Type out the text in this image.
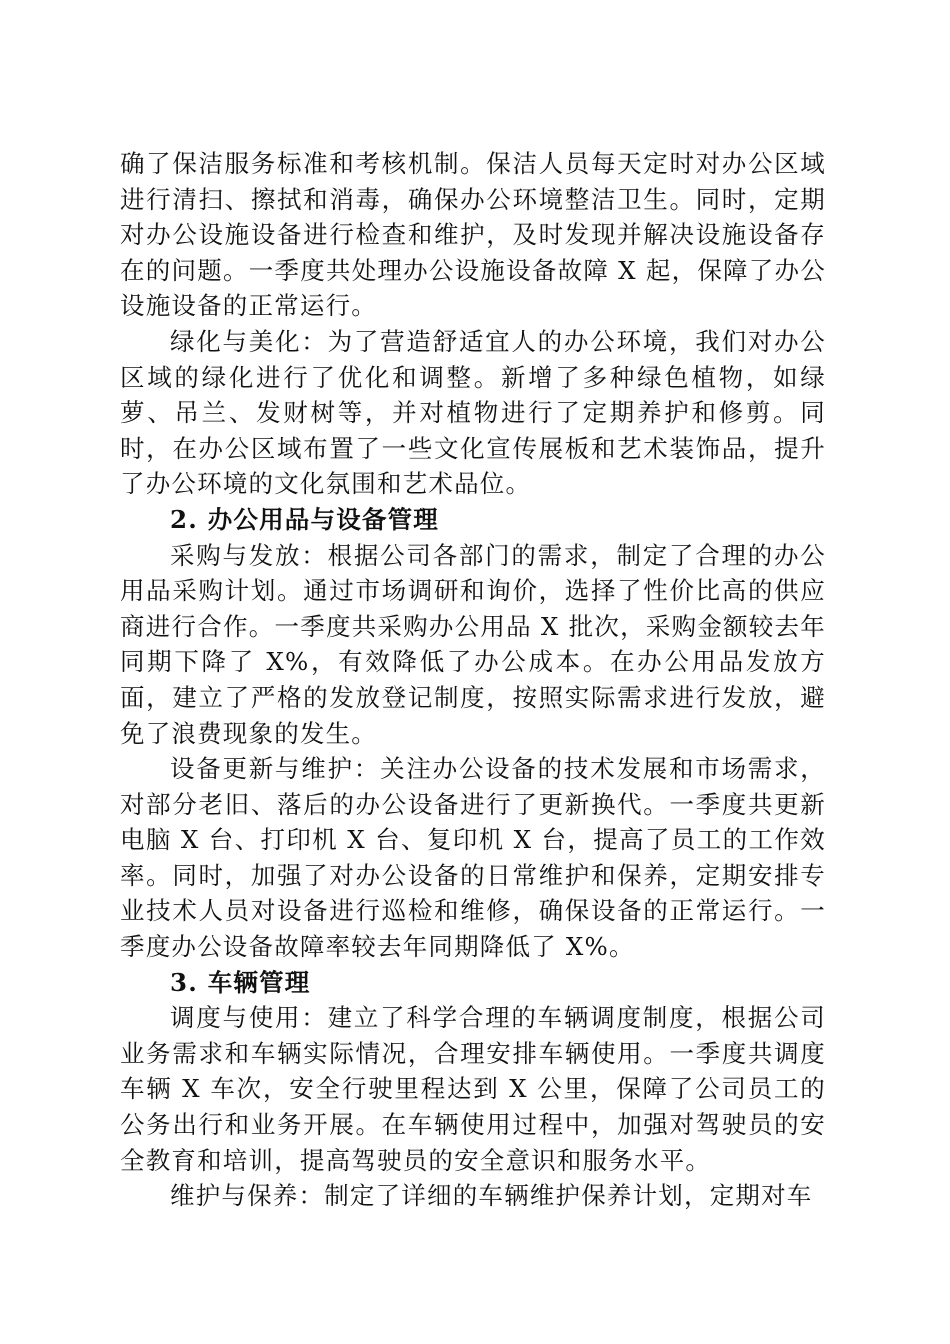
确了保洁服务标准和考核机制。保洁人员每天定时对办公区域进行清扫、擦拭和消毒，确保办公环境整洁卫生。同时，定期对办公设施设备进行检查和维护，及时发现并解决设施设备存在的问题。一季度共处理办公设施设备故障 X 起，保障了办公设施设备的正常运行。

绿化与美化：为了营造舒适宜人的办公环境，我们对办公区域的绿化进行了优化和调整。新增了多种绿色植物，如绿萝、吊兰、发财树等，并对植物进行了定期养护和修剪。同时，在办公区域布置了一些文化宣传展板和艺术装饰品，提升了办公环境的文化氛围和艺术品位。

2. 办公用品与设备管理

采购与发放：根据公司各部门的需求，制定了合理的办公用品采购计划。通过市场调研和询价，选择了性价比高的供应商进行合作。一季度共采购办公用品 X 批次，采购金额较去年同期下降了 X%，有效降低了办公成本。在办公用品发放方面，建立了严格的发放登记制度，按照实际需求进行发放，避免了浪费现象的发生。

设备更新与维护：关注办公设备的技术发展和市场需求，对部分老旧、落后的办公设备进行了更新换代。一季度共更新电脑 X 台、打印机 X 台、复印机 X 台，提高了员工的工作效率。同时，加强了对办公设备的日常维护和保养，定期安排专业技术人员对设备进行巡检和维修，确保设备的正常运行。一季度办公设备故障率较去年同期降低了 X%。

3. 车辆管理

调度与使用：建立了科学合理的车辆调度制度，根据公司业务需求和车辆实际情况，合理安排车辆使用。一季度共调度车辆 X 车次，安全行驶里程达到 X 公里，保障了公司员工的公务出行和业务开展。在车辆使用过程中，加强对驾驶员的安全教育和培训，提高驾驶员的安全意识和服务水平。

维护与保养：制定了详细的车辆维护保养计划，定期对车
